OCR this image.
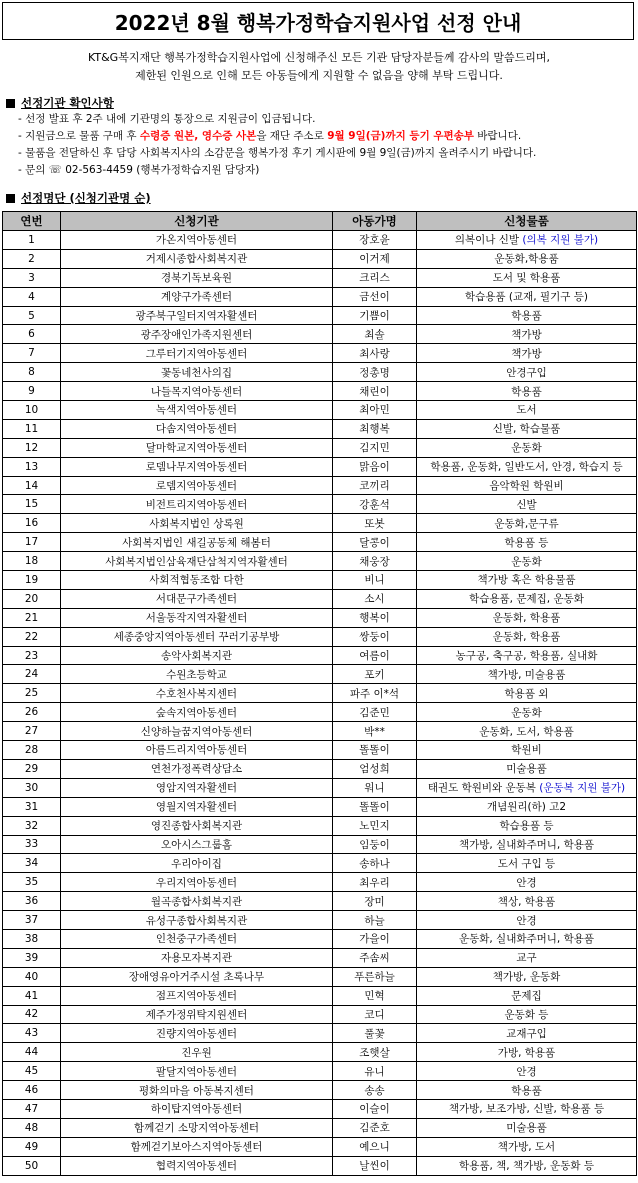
2022년 8월 행복가정학습지원사업 선정 안내
KT&G복지재단 행복가정학습지원사업에 신청해주신 모든 기관 담당자분들께 감사의 말씀드리며,
제한된 인원으로 인해 모든 아동들에게 지원할 수 없음을 양해 부탁 드립니다.
선정기관 확인사항
- 선정 발표 후 2주 내에 기관명의 통장으로 지원금이 입금됩니다.
- 지원금으로 물품 구매 후 수령증 원본, 영수증 사본을 재단 주소로 9월 9일(금)까지 등기 우편송부 바랍니다.
- 물품을 전달하신 후 담당 사회복지사의 소감문을 행복가정 후기 게시판에 9월 9일(금)까지 올려주시기 바랍니다.
- 문의 ☏ 02-563-4459 (행복가정학습지원 담당자)
선정명단 (신청기관명 순)
연번	신청기관	아동가명	신청물품
1	가온지역아동센터	장호윤	의복이나 신발 (의복 지원 불가)
2	거제시종합사회복지관	이거제	운동화,학용품
3	경북기독보육원	크리스	도서 및 학용품
4	계양구가족센터	금선이	학습용품 (교재, 필기구 등)
5	광주북구일터지역자활센터	기쁨이	학용품
6	광주장애인가족지원센터	최솔	책가방
7	그루터기지역아동센터	최사랑	책가방
8	꽃동네천사의집	정총명	안경구입
9	나들목지역아동센터	채린이	학용품
10	녹색지역아동센터	최아민	도서
11	다솜지역아동센터	최행복	신발, 학습물품
12	달마학교지역아동센터	김지민	운동화
13	로뎀나무지역아동센터	맑음이	학용품, 운동화, 일반도서, 안경, 학습지 등
14	로뎀지역아동센터	코끼리	음악학원 학원비
15	비전트리지역아동센터	강훈석	신발
16	사회복지법인 상록원	또봇	운동화,문구류
17	사회복지법인 새길공동체 해봄터	달콩이	학용품 등
18	사회복지법인삼육재단삼척지역자활센터	채웅장	운동화
19	사회적협동조합 다한	비니	책가방 혹은 학용물품
20	서대문구가족센터	소시	학습용품, 문제집, 운동화
21	서울동작지역자활센터	행복이	운동화, 학용품
22	세종중앙지역아동센터 꾸러기공부방	쌍둥이	운동화, 학용품
23	송악사회복지관	여름이	농구공, 축구공, 학용품, 실내화
24	수원초등학교	포키	책가방, 미술용품
25	수호천사복지센터	파주 이*석	학용품 외
26	숲속지역아동센터	김준민	운동화
27	신양하늘꿈지역아동센터	박**	운동화, 도서, 학용품
28	아름드리지역아동센터	똘똘이	학원비
29	연천가정폭력상담소	엄성희	미술용품
30	영암지역자활센터	워니	태권도 학원비와 운동복 (운동복 지원 불가)
31	영월지역자활센터	똘똘이	개념원리(하) 고2
32	영진종합사회복지관	노민지	학습용품 등
33	오아시스그룹홈	임둥이	책가방, 실내화주머니, 학용품
34	우리아이집	송하나	도서 구입 등
35	우리지역아동센터	최우리	안경
36	월곡종합사회복지관	장미	책상, 학용품
37	유성구종합사회복지관	하늘	안경
38	인천중구가족센터	가을이	운동화, 실내화주머니, 학용품
39	자용모자복지관	주솜씨	교구
40	장애영유아거주시설 초록나무	푸른하늘	책가방, 운동화
41	점프지역아동센터	민혁	문제집
42	제주가정위탁지원센터	코디	운동화 등
43	진량지역아동센터	풀꽃	교재구입
44	진우원	조햇살	가방, 학용품
45	팔달지역아동센터	유니	안경
46	평화의마을 아동복지센터	송송	학용품
47	하이탑지역아동센터	이슬이	책가방, 보조가방, 신발, 학용품 등
48	함께걷기 소망지역아동센터	김준호	미술용품
49	함께걷기보아스지역아동센터	예으니	책가방, 도서
50	협력지역아동센터	날씬이	학용품, 책, 책가방, 운동화 등
